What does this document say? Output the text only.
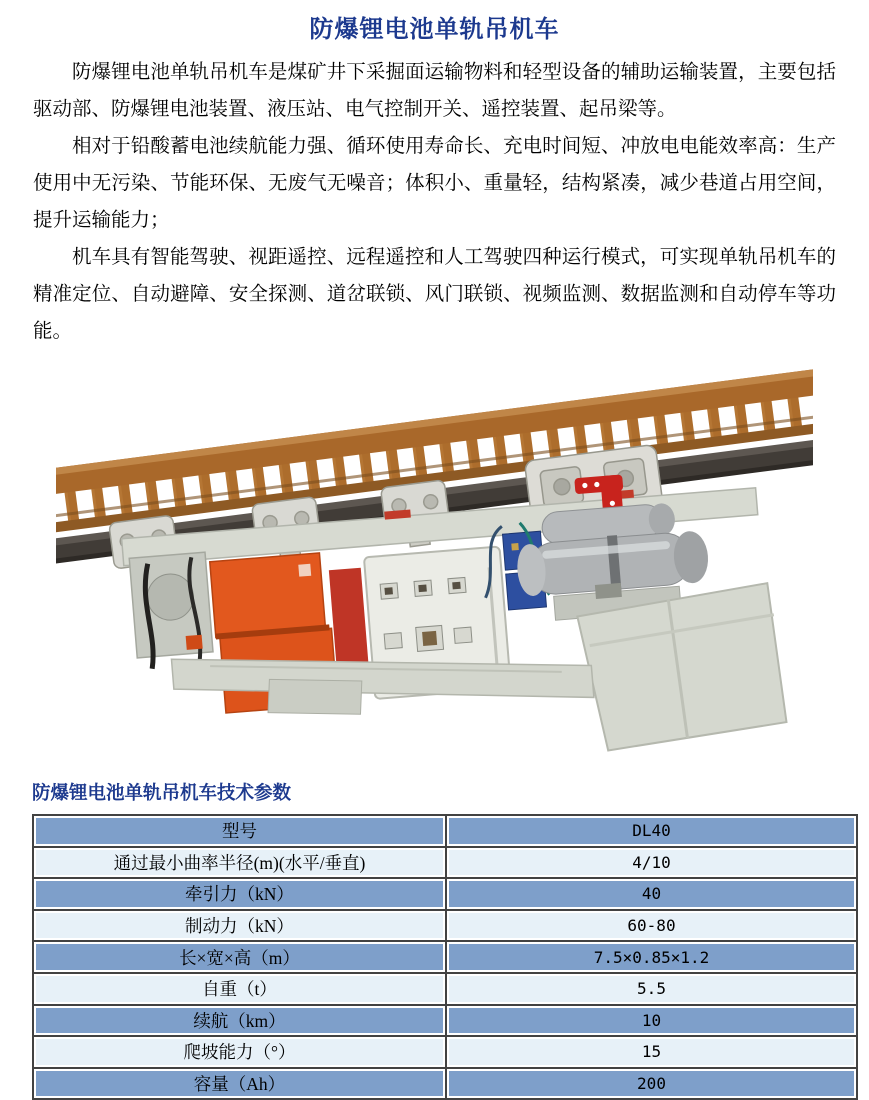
防爆锂电池单轨吊机车

防爆锂电池单轨吊机车是煤矿井下采掘面运输物料和轻型设备的辅助运输装置，主要包括驱动部、防爆锂电池装置、液压站、电气控制开关、遥控装置、起吊梁等。

相对于铅酸蓄电池续航能力强、循环使用寿命长、充电时间短、冲放电电能效率高：生产使用中无污染、节能环保、无废气无噪音；体积小、重量轻，结构紧凑，减少巷道占用空间，提升运输能力；

机车具有智能驾驶、视距遥控、远程遥控和人工驾驶四种运行模式，可实现单轨吊机车的精准定位、自动避障、安全探测、道岔联锁、风门联锁、视频监测、数据监测和自动停车等功能。

防爆锂电池单轨吊机车技术参数
型号	DL40
通过最小曲率半径(m)(水平/垂直)	4/10
牵引力（kN）	40
制动力（kN）	60-80
长×宽×高（m）	7.5×0.85×1.2
自重（t）	5.5
续航（km）	10
爬坡能力（°）	15
容量（Ah）	200
